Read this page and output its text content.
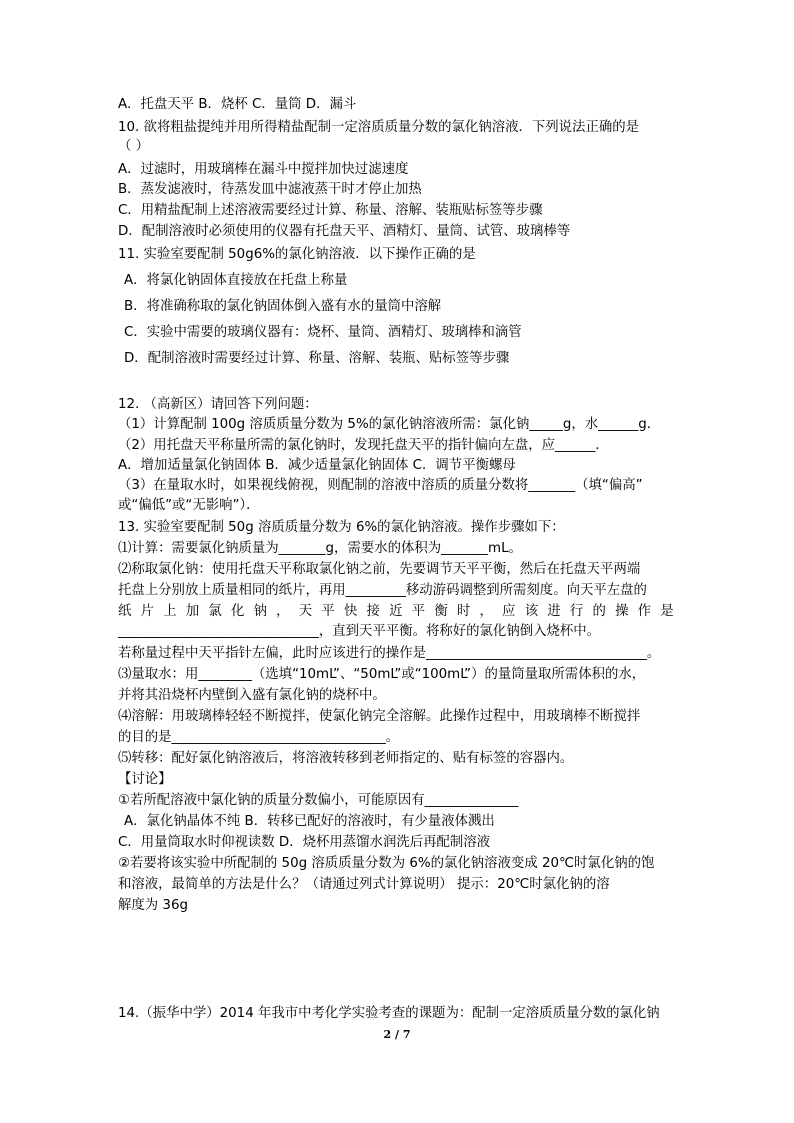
A．托盘天平 B．烧杯 C．量筒 D．漏斗
10. 欲将粗盐提纯并用所得精盐配制一定溶质质量分数的氯化钠溶液．下列说法正确的是
（ ）
A．过滤时，用玻璃棒在漏斗中搅拌加快过滤速度
B．蒸发滤液时，待蒸发皿中滤液蒸干时才停止加热
C．用精盐配制上述溶液需要经过计算、称量、溶解、装瓶贴标签等步骤
D．配制溶液时必须使用的仪器有托盘天平、酒精灯、量筒、试管、玻璃棒等
11. 实验室要配制 50g6%的氯化钠溶液．以下操作正确的是
A．将氯化钠固体直接放在托盘上称量
B．将准确称取的氯化钠固体倒入盛有水的量筒中溶解
C．实验中需要的玻璃仪器有：烧杯、量筒、酒精灯、玻璃棒和滴管
D．配制溶液时需要经过计算、称量、溶解、装瓶、贴标签等步骤
12. （高新区）请回答下列问题：
（1）计算配制 100g 溶质质量分数为 5%的氯化钠溶液所需：氯化钠_____g，水______g．
（2）用托盘天平称量所需的氯化钠时，发现托盘天平的指针偏向左盘，应______．
A．增加适量氯化钠固体 B．减少适量氯化钠固体 C．调节平衡螺母
（3）在量取水时，如果视线俯视，则配制的溶液中溶质的质量分数将_______（填“偏高”
或“偏低”或“无影响”）．
13. 实验室要配制 50g 溶质质量分数为 6%的氯化钠溶液。操作步骤如下：
⑴计算：需要氯化钠质量为_______g，需要水的体积为_______mL。
⑵称取氯化钠：使用托盘天平称取氯化钠之前，先要调节天平平衡，然后在托盘天平两端
托盘上分别放上质量相同的纸片，再用_________移动游码调整到所需刻度。向天平左盘的
纸 片 上 加 氯 化 钠 ， 天 平 快 接 近 平 衡 时 ， 应 该 进 行 的 操 作 是
______________________________，直到天平平衡。将称好的氯化钠倒入烧杯中。
若称量过程中天平指针左偏，此时应该进行的操作是_________________________________。
⑶量取水：用________（选填“10mL”、“50mL”或“100mL”）的量筒量取所需体积的水，
并将其沿烧杯内壁倒入盛有氯化钠的烧杯中。
⑷溶解：用玻璃棒轻轻不断搅拌，使氯化钠完全溶解。此操作过程中，用玻璃棒不断搅拌
的目的是________________________________。
⑸转移：配好氯化钠溶液后，将溶液转移到老师指定的、贴有标签的容器内。
【讨论】
①若所配溶液中氯化钠的质量分数偏小，可能原因有______________
A．氯化钠晶体不纯 B．转移已配好的溶液时，有少量液体溅出
C．用量筒取水时仰视读数 D．烧杯用蒸馏水润洗后再配制溶液
②若要将该实验中所配制的 50g 溶质质量分数为 6%的氯化钠溶液变成 20℃时氯化钠的饱
和溶液，最简单的方法是什么？（请通过列式计算说明） 提示：20℃时氯化钠的溶
解度为 36g
14.（振华中学）2014 年我市中考化学实验考查的课题为：配制一定溶质质量分数的氯化钠
2 / 7
